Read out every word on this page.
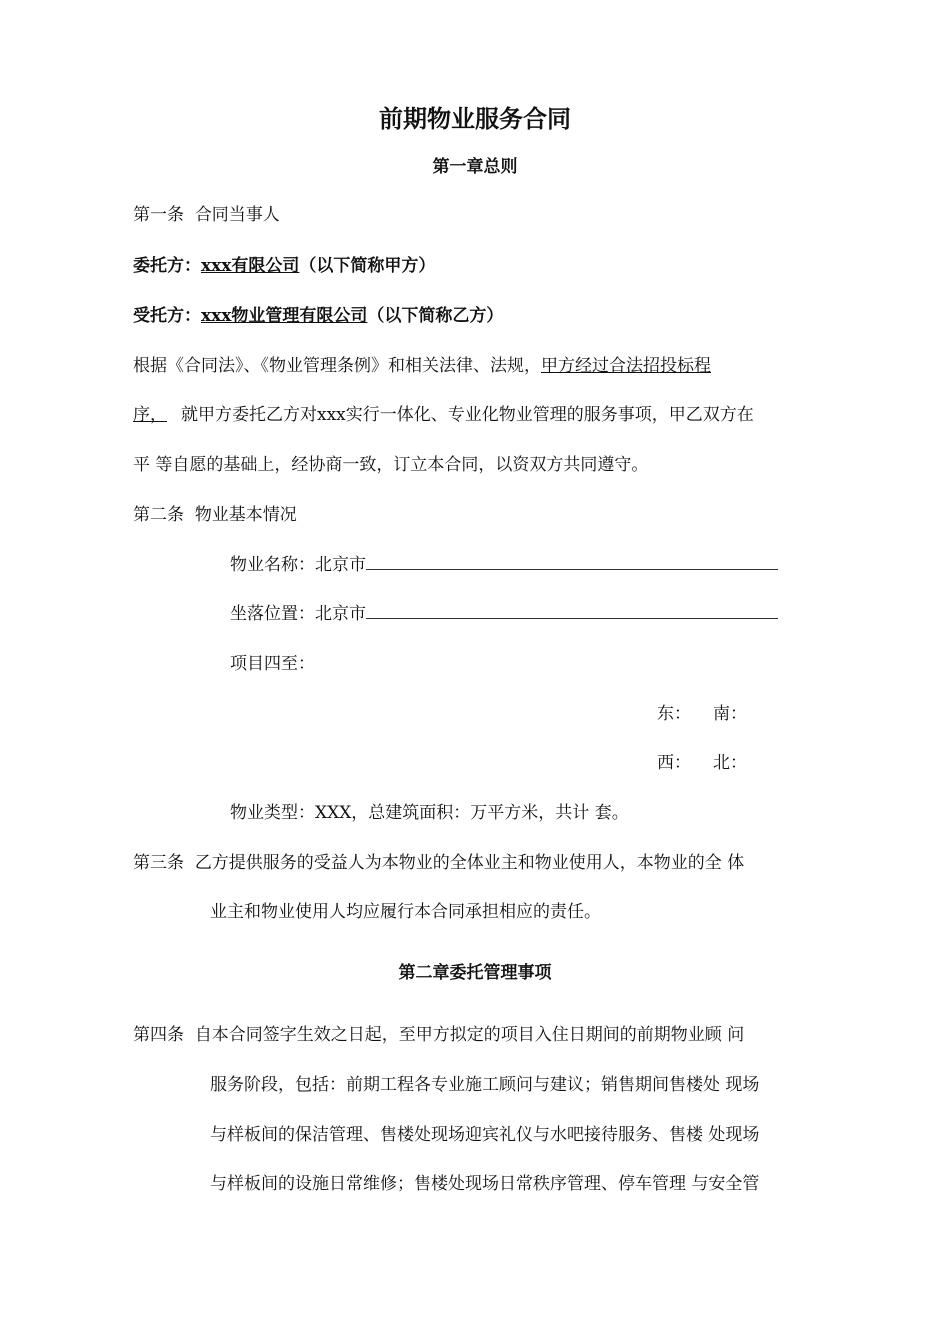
前期物业服务合同
第一章总则
第一条 合同当事人
委托方：xxx有限公司（以下简称甲方）
受托方：xxx物业管理有限公司（以下简称乙方）
根据《合同法》、《物业管理条例》和相关法律、法规，甲方经过合法招投标程
序， 就甲方委托乙方对xxx实行一体化、专业化物业管理的服务事项，甲乙双方在
平 等自愿的基础上，经协商一致，订立本合同，以资双方共同遵守。
第二条 物业基本情况
物业名称：北京市
坐落位置：北京市
项目四至：
东： 南：
西： 北：
物业类型：XXX，总建筑面积：万平方米，共计 套。
第三条 乙方提供服务的受益人为本物业的全体业主和物业使用人，本物业的全 体
业主和物业使用人均应履行本合同承担相应的责任。
第二章委托管理事项
第四条 自本合同签字生效之日起，至甲方拟定的项目入住日期间的前期物业顾 问
服务阶段，包括：前期工程各专业施工顾问与建议；销售期间售楼处 现场
与样板间的保洁管理、售楼处现场迎宾礼仪与水吧接待服务、售楼 处现场
与样板间的设施日常维修；售楼处现场日常秩序管理、停车管理 与安全管
